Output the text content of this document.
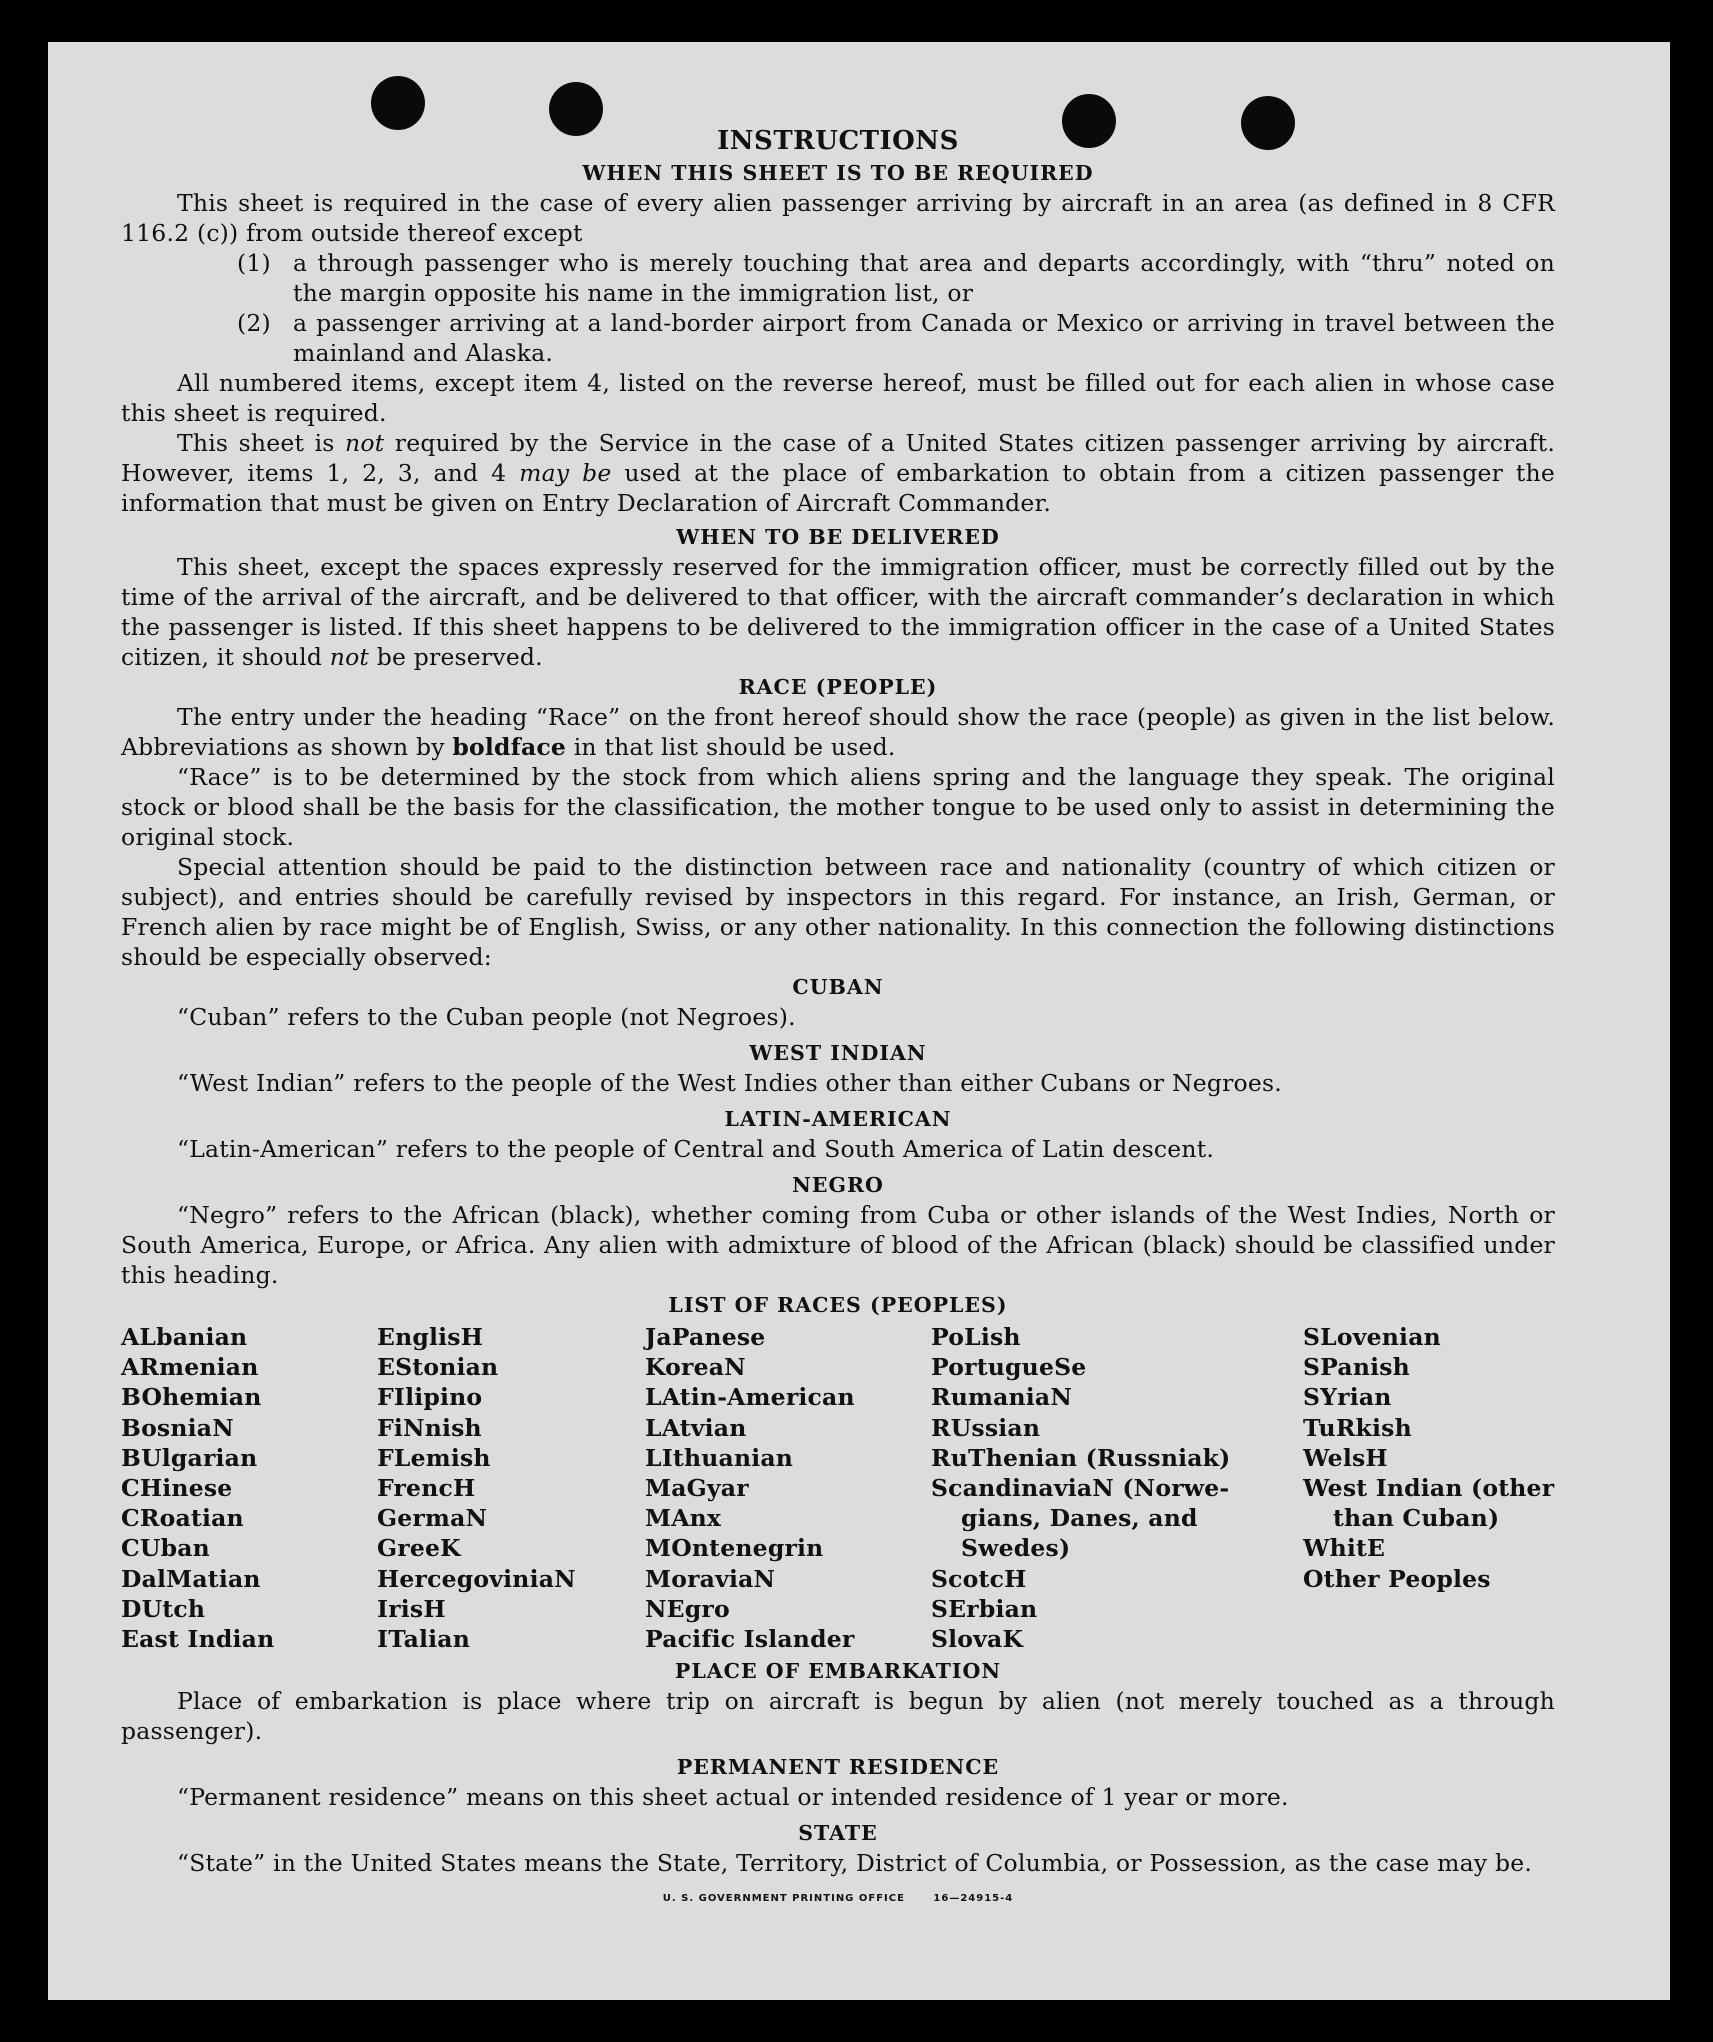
INSTRUCTIONS
WHEN THIS SHEET IS TO BE REQUIRED

This sheet is required in the case of every alien passenger arriving by aircraft in an area (as defined in 8 CFR 116.2 (c)) from outside thereof except

(1) a through passenger who is merely touching that area and departs accordingly, with “thru” noted on the margin opposite his name in the immigration list, or
(2) a passenger arriving at a land-border airport from Canada or Mexico or arriving in travel between the mainland and Alaska.

All numbered items, except item 4, listed on the reverse hereof, must be filled out for each alien in whose case this sheet is required.

This sheet is not required by the Service in the case of a United States citizen passenger arriving by aircraft. However, items 1, 2, 3, and 4 may be used at the place of embarkation to obtain from a citizen passenger the information that must be given on Entry Declaration of Aircraft Commander.

WHEN TO BE DELIVERED

This sheet, except the spaces expressly reserved for the immigration officer, must be correctly filled out by the time of the arrival of the aircraft, and be delivered to that officer, with the aircraft commander’s declaration in which the passenger is listed. If this sheet happens to be delivered to the immigration officer in the case of a United States citizen, it should not be preserved.

RACE (PEOPLE)

The entry under the heading “Race” on the front hereof should show the race (people) as given in the list below. Abbreviations as shown by boldface in that list should be used.

“Race” is to be determined by the stock from which aliens spring and the language they speak. The original stock or blood shall be the basis for the classification, the mother tongue to be used only to assist in determining the original stock.

Special attention should be paid to the distinction between race and nationality (country of which citizen or subject), and entries should be carefully revised by inspectors in this regard. For instance, an Irish, German, or French alien by race might be of English, Swiss, or any other nationality. In this connection the following distinctions should be especially observed:

CUBAN

“Cuban” refers to the Cuban people (not Negroes).

WEST INDIAN

“West Indian” refers to the people of the West Indies other than either Cubans or Negroes.

LATIN-AMERICAN

“Latin-American” refers to the people of Central and South America of Latin descent.

NEGRO

“Negro” refers to the African (black), whether coming from Cuba or other islands of the West Indies, North or South America, Europe, or Africa. Any alien with admixture of blood of the African (black) should be classified under this heading.

LIST OF RACES (PEOPLES)
ALbanian
ARmenian
BOhemian
BosniaN
BUlgarian
CHinese
CRoatian
CUban
DalMatian
DUtch
East Indian
EnglisH
EStonian
FIlipino
FiNnish
FLemish
FrencH
GermaN
GreeK
HercegoviniaN
IrisH
ITalian
JaPanese
KoreaN
LAtin-American
LAtvian
LIthuanian
MaGyar
MAnx
MOntenegrin
MoraviaN
NEgro
Pacific Islander
PoLish
PortugueSe
RumaniaN
RUssian
RuThenian (Russniak)
ScandinaviaN (Norwe-
gians, Danes, and
Swedes)
ScotcH
SErbian
SlovaK
SLovenian
SPanish
SYrian
TuRkish
WelsH
West Indian (other
than Cuban)
WhitE
Other Peoples
PLACE OF EMBARKATION

Place of embarkation is place where trip on aircraft is begun by alien (not merely touched as a through passenger).

PERMANENT RESIDENCE

“Permanent residence” means on this sheet actual or intended residence of 1 year or more.

STATE

“State” in the United States means the State, Territory, District of Columbia, or Possession, as the case may be.

U. S. GOVERNMENT PRINTING OFFICE	16—24915-4
